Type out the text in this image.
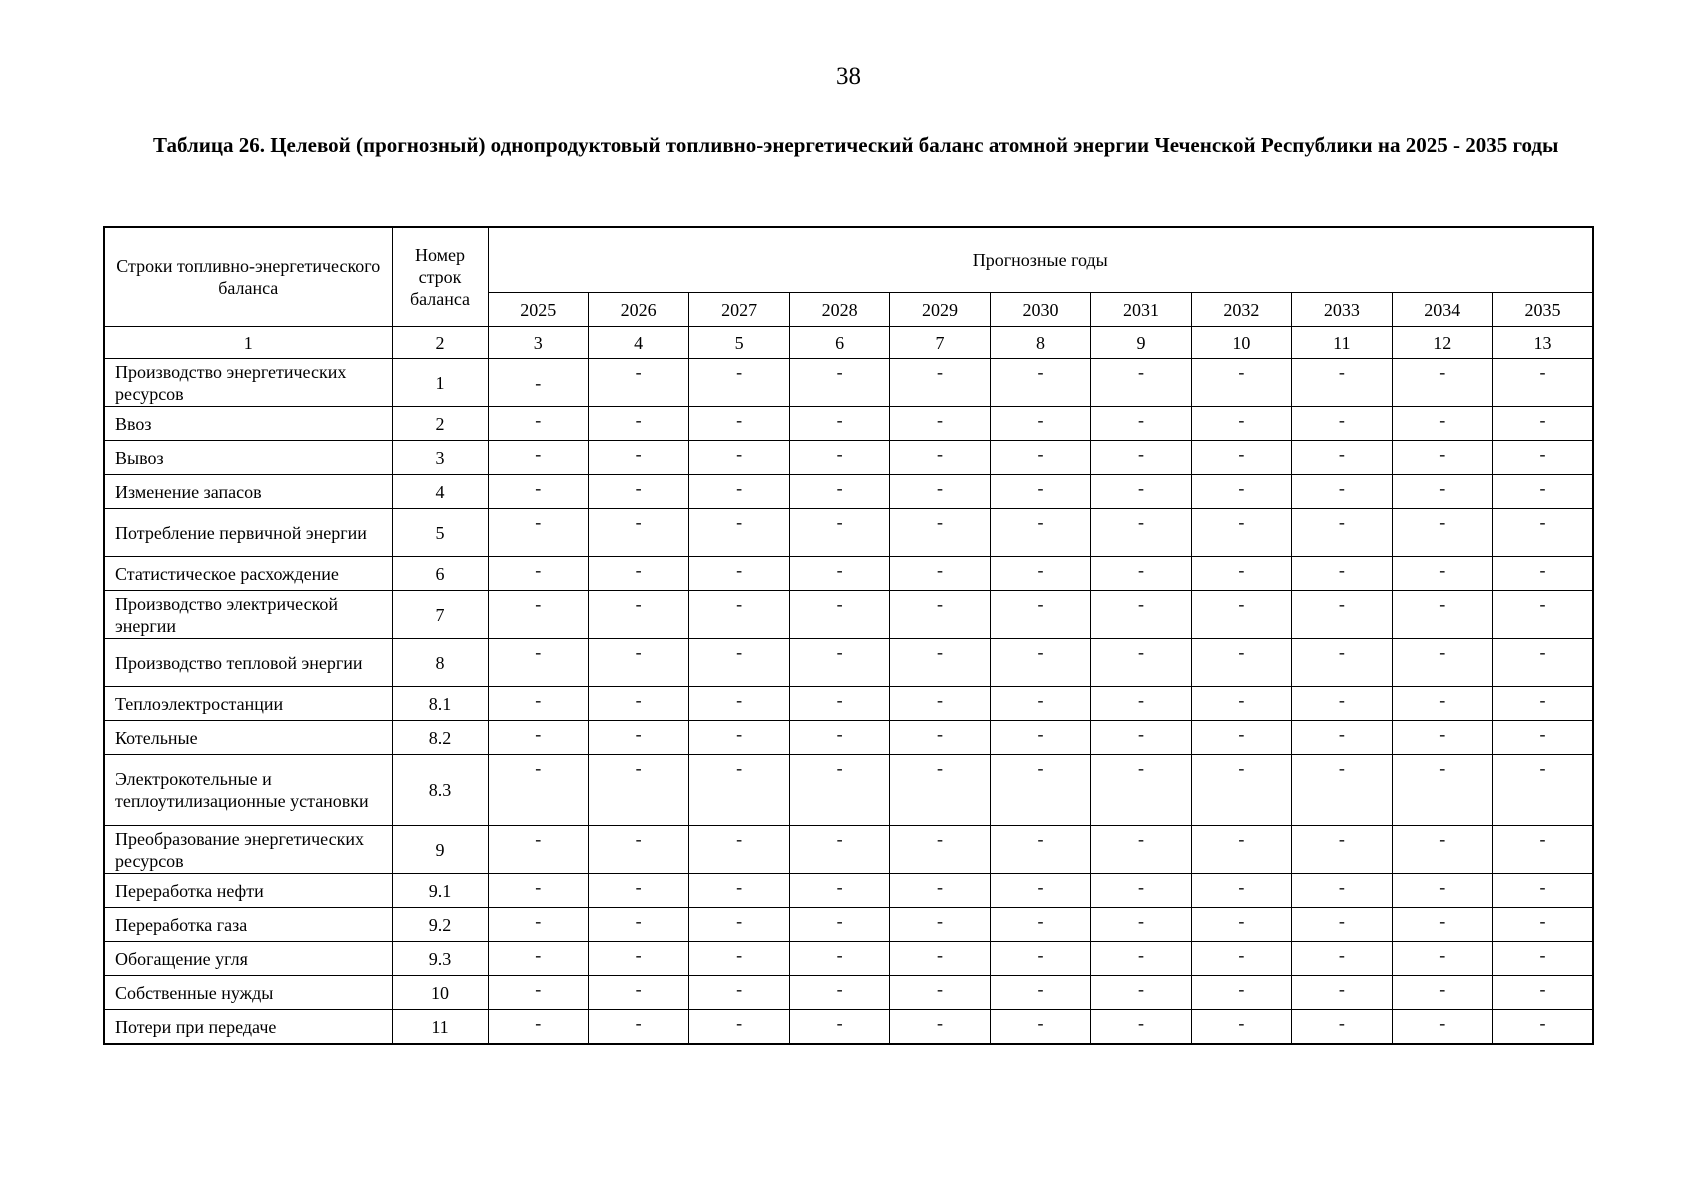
38
Таблица 26. Целевой (прогнозный) однопродуктовый топливно-энергетический баланс атомной энергии Чеченской Республики на 2025 - 2035 годы
Строки топливно-энергетического баланса	Номер строк баланса	Прогнозные годы										
		2025	2026	2027	2028	2029	2030	2031	2032	2033	2034	2035
1	2	3	4	5	6	7	8	9	10	11	12	13
Производство энергетических ресурсов	1	-	-	-	-	-	-	-	-	-	-	-
Ввоз	2	-	-	-	-	-	-	-	-	-	-	-
Вывоз	3	-	-	-	-	-	-	-	-	-	-	-
Изменение запасов	4	-	-	-	-	-	-	-	-	-	-	-
Потребление первичной энергии	5	-	-	-	-	-	-	-	-	-	-	-
Статистическое расхождение	6	-	-	-	-	-	-	-	-	-	-	-
Производство электрической энергии	7	-	-	-	-	-	-	-	-	-	-	-
Производство тепловой энергии	8	-	-	-	-	-	-	-	-	-	-	-
Теплоэлектростанции	8.1	-	-	-	-	-	-	-	-	-	-	-
Котельные	8.2	-	-	-	-	-	-	-	-	-	-	-
Электрокотельные и теплоутилизационные установки	8.3	-	-	-	-	-	-	-	-	-	-	-
Преобразование энергетических ресурсов	9	-	-	-	-	-	-	-	-	-	-	-
Переработка нефти	9.1	-	-	-	-	-	-	-	-	-	-	-
Переработка газа	9.2	-	-	-	-	-	-	-	-	-	-	-
Обогащение угля	9.3	-	-	-	-	-	-	-	-	-	-	-
Собственные нужды	10	-	-	-	-	-	-	-	-	-	-	-
Потери при передаче	11	-	-	-	-	-	-	-	-	-	-	-
